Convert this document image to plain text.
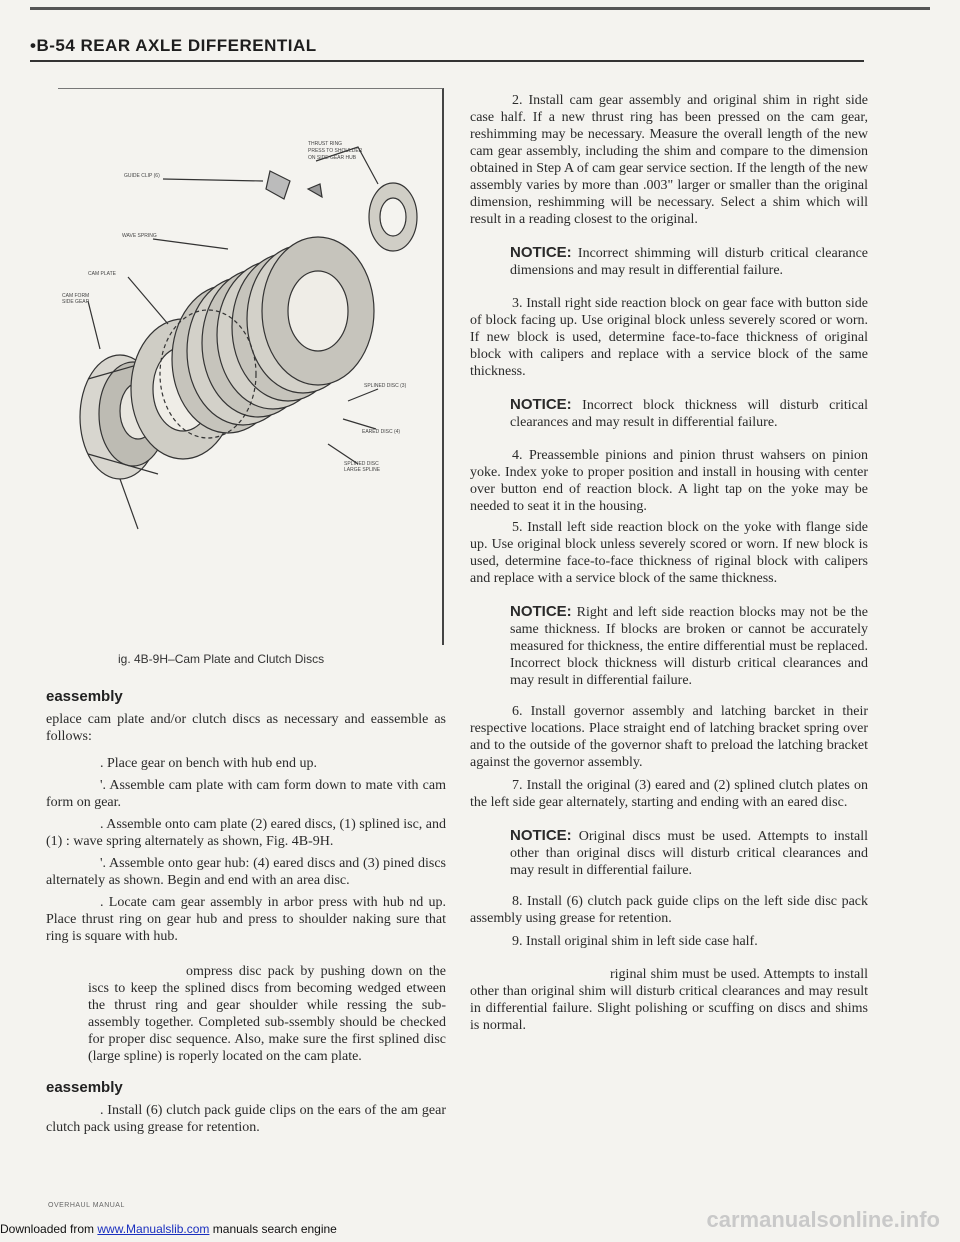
•B-54 REAR AXLE DIFFERENTIAL
GUIDE CLIP (6)
THRUST RING
PRESS TO SHOULDER
ON SIDE GEAR HUB
WAVE SPRING
CAM PLATE
CAM FORM
SIDE GEAR
SPLINED DISC (3)
EARED DISC (4)
SPLINED DISC
LARGE SPLINE
ig. 4B-9H–Cam Plate and Clutch Discs
eassembly

eplace cam plate and/or clutch discs as necessary and eassemble as follows:

. Place gear on bench with hub end up.

'. Assemble cam plate with cam form down to mate vith cam form on gear.

. Assemble onto cam plate (2) eared discs, (1) splined isc, and (1) : wave spring alternately as shown, Fig. 4B-9H.

'. Assemble onto gear hub: (4) eared discs and (3) pined discs alternately as shown. Begin and end with an area disc.

. Locate cam gear assembly in arbor press with hub nd up. Place thrust ring on gear hub and press to shoulder naking sure that ring is square with hub.

ompress disc pack by pushing down on the iscs to keep the splined discs from becoming wedged etween the thrust ring and gear shoulder while ressing the sub-assembly together. Completed sub-ssembly should be checked for proper disc sequence. Also, make sure the first splined disc (large spline) is roperly located on the cam plate.

eassembly

. Install (6) clutch pack guide clips on the ears of the am gear clutch pack using grease for retention.

2. Install cam gear assembly and original shim in right side case half. If a new thrust ring has been pressed on the cam gear, reshimming may be necessary. Measure the overall length of the new cam gear assembly, including the shim and compare to the dimension obtained in Step A of cam gear service section. If the length of the new assembly varies by more than .003" larger or smaller than the original dimension, reshimming will be necessary. Select a shim which will result in a reading closest to the original.

NOTICE: Incorrect shimming will disturb critical clearance dimensions and may result in differential failure.

3. Install right side reaction block on gear face with button side of block facing up. Use original block unless severely scored or worn. If new block is used, determine face-to-face thickness of original block with calipers and replace with a service block of the same thickness.

NOTICE: Incorrect block thickness will disturb critical clearances and may result in differential failure.

4. Preassemble pinions and pinion thrust wahsers on pinion yoke. Index yoke to proper position and install in housing with center over button end of reaction block. A light tap on the yoke may be needed to seat it in the housing.

5. Install left side reaction block on the yoke with flange side up. Use original block unless severely scored or worn. If new block is used, determine face-to-face thickness of riginal block with calipers and replace with a service block of the same thickness.

NOTICE: Right and left side reaction blocks may not be the same thickness. If blocks are broken or cannot be accurately measured for thickness, the entire differential must be replaced. Incorrect block thickness will disturb critical clearances and may result in differential failure.

6. Install governor assembly and latching barcket in their respective locations. Place straight end of latching bracket spring over and to the outside of the governor shaft to preload the latching bracket against the governor assembly.

7. Install the original (3) eared and (2) splined clutch plates on the left side gear alternately, starting and ending with an eared disc.

NOTICE: Original discs must be used. Attempts to install other than original discs will disturb critical clearances and may result in differential failure.

8. Install (6) clutch pack guide clips on the left side disc pack assembly using grease for retention.

9. Install original shim in left side case half.

riginal shim must be used. Attempts to install other than original shim will disturb critical clearances and may result in differential failure. Slight polishing or scuffing on discs and shims is normal.

OVERHAUL MANUAL
carmanualsonline.info
Downloaded from www.Manualslib.com manuals search engine
